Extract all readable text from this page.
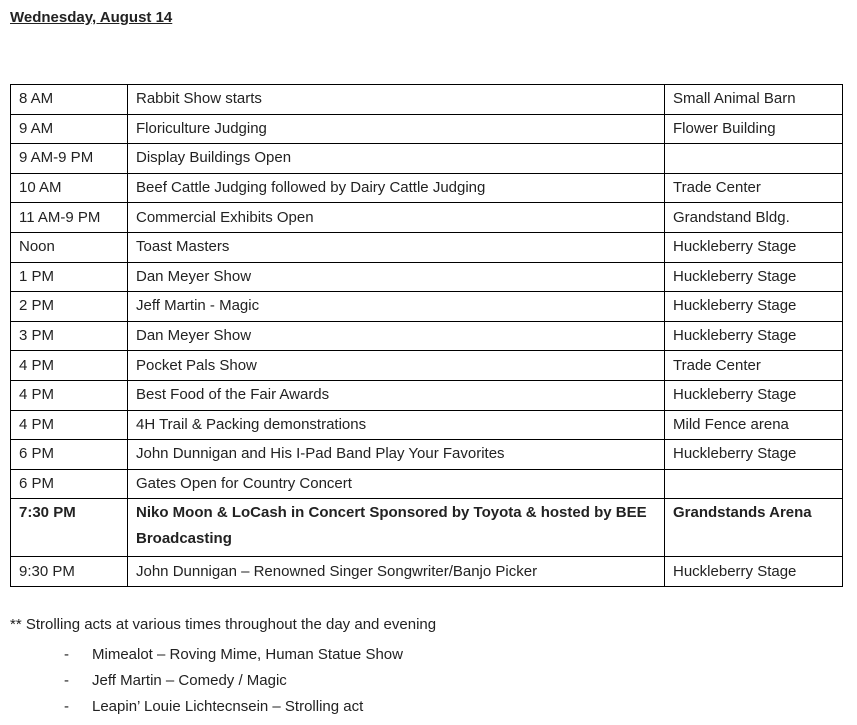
Wednesday, August 14
8 AM	Rabbit Show starts	Small Animal Barn
9 AM	Floriculture Judging	Flower Building
9 AM-9 PM	Display Buildings Open	
10 AM	Beef Cattle Judging followed by Dairy Cattle Judging	Trade Center
11 AM-9 PM	Commercial Exhibits Open	Grandstand Bldg.
Noon	Toast Masters	Huckleberry Stage
1 PM	Dan Meyer Show	Huckleberry Stage
2 PM	Jeff Martin - Magic	Huckleberry Stage
3 PM	Dan Meyer Show	Huckleberry Stage
4 PM	Pocket Pals Show	Trade Center
4 PM	Best Food of the Fair Awards	Huckleberry Stage
4 PM	4H Trail & Packing demonstrations	Mild Fence arena
6 PM	John Dunnigan and His I-Pad Band Play Your Favorites	Huckleberry Stage
6 PM	Gates Open for Country Concert	
7:30 PM	Niko Moon & LoCash in Concert Sponsored by Toyota & hosted by BEE Broadcasting	Grandstands Arena
9:30 PM	John Dunnigan – Renowned Singer Songwriter/Banjo Picker	Huckleberry Stage

** Strolling acts at various times throughout the day and evening

- Mimealot – Roving Mime, Human Statue Show
- Jeff Martin – Comedy / Magic
- Leapin’ Louie Lichtecnsein – Strolling act
